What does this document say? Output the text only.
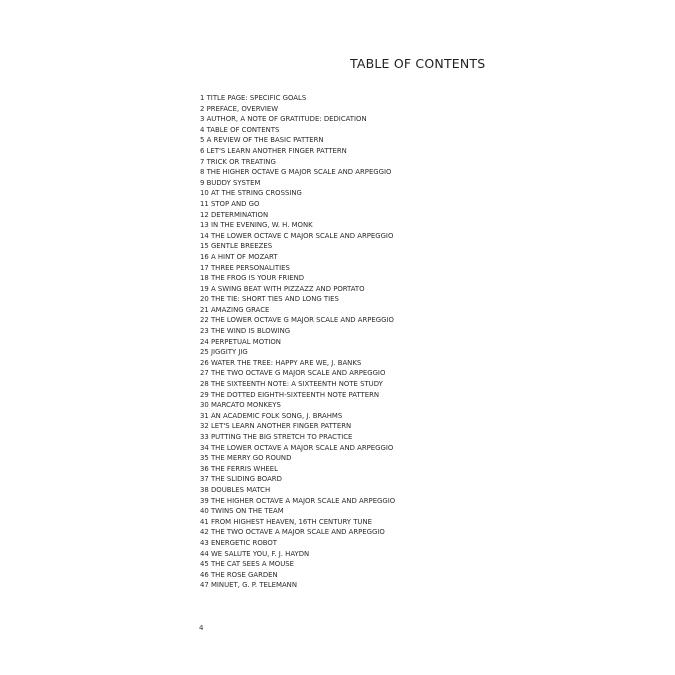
TABLE OF CONTENTS
1 TITLE PAGE: SPECIFIC GOALS
2 PREFACE, OVERVIEW
3 AUTHOR, A NOTE OF GRATITUDE: DEDICATION
4 TABLE OF CONTENTS
5 A REVIEW OF THE BASIC PATTERN
6 LET'S LEARN ANOTHER FINGER PATTERN
7 TRICK OR TREATING
8 THE HIGHER OCTAVE G MAJOR SCALE AND ARPEGGIO
9 BUDDY SYSTEM
10 AT THE STRING CROSSING
11 STOP AND GO
12 DETERMINATION
13 IN THE EVENING, W. H. MONK
14 THE LOWER OCTAVE C MAJOR SCALE AND ARPEGGIO
15 GENTLE BREEZES
16 A HINT OF MOZART
17 THREE PERSONALITIES
18 THE FROG IS YOUR FRIEND
19 A SWING BEAT WITH PIZZAZZ AND PORTATO
20 THE TIE: SHORT TIES AND LONG TIES
21 AMAZING GRACE
22 THE LOWER OCTAVE G MAJOR SCALE AND ARPEGGIO
23 THE WIND IS BLOWING
24 PERPETUAL MOTION
25 JIGGITY JIG
26 WATER THE TREE: HAPPY ARE WE, J. BANKS
27 THE TWO OCTAVE G MAJOR SCALE AND ARPEGGIO
28 THE SIXTEENTH NOTE: A SIXTEENTH NOTE STUDY
29 THE DOTTED EIGHTH-SIXTEENTH NOTE PATTERN
30 MARCATO MONKEYS
31 AN ACADEMIC FOLK SONG, J. BRAHMS
32 LET'S LEARN ANOTHER FINGER PATTERN
33 PUTTING THE BIG STRETCH TO PRACTICE
34 THE LOWER OCTAVE A MAJOR SCALE AND ARPEGGIO
35 THE MERRY GO ROUND
36 THE FERRIS WHEEL
37 THE SLIDING BOARD
38 DOUBLES MATCH
39 THE HIGHER OCTAVE A MAJOR SCALE AND ARPEGGIO
40 TWINS ON THE TEAM
41 FROM HIGHEST HEAVEN, 16TH CENTURY TUNE
42 THE TWO OCTAVE A MAJOR SCALE AND ARPEGGIO
43 ENERGETIC ROBOT
44 WE SALUTE YOU, F. J. HAYDN
45 THE CAT SEES A MOUSE
46 THE ROSE GARDEN
47 MINUET, G. P. TELEMANN
4
